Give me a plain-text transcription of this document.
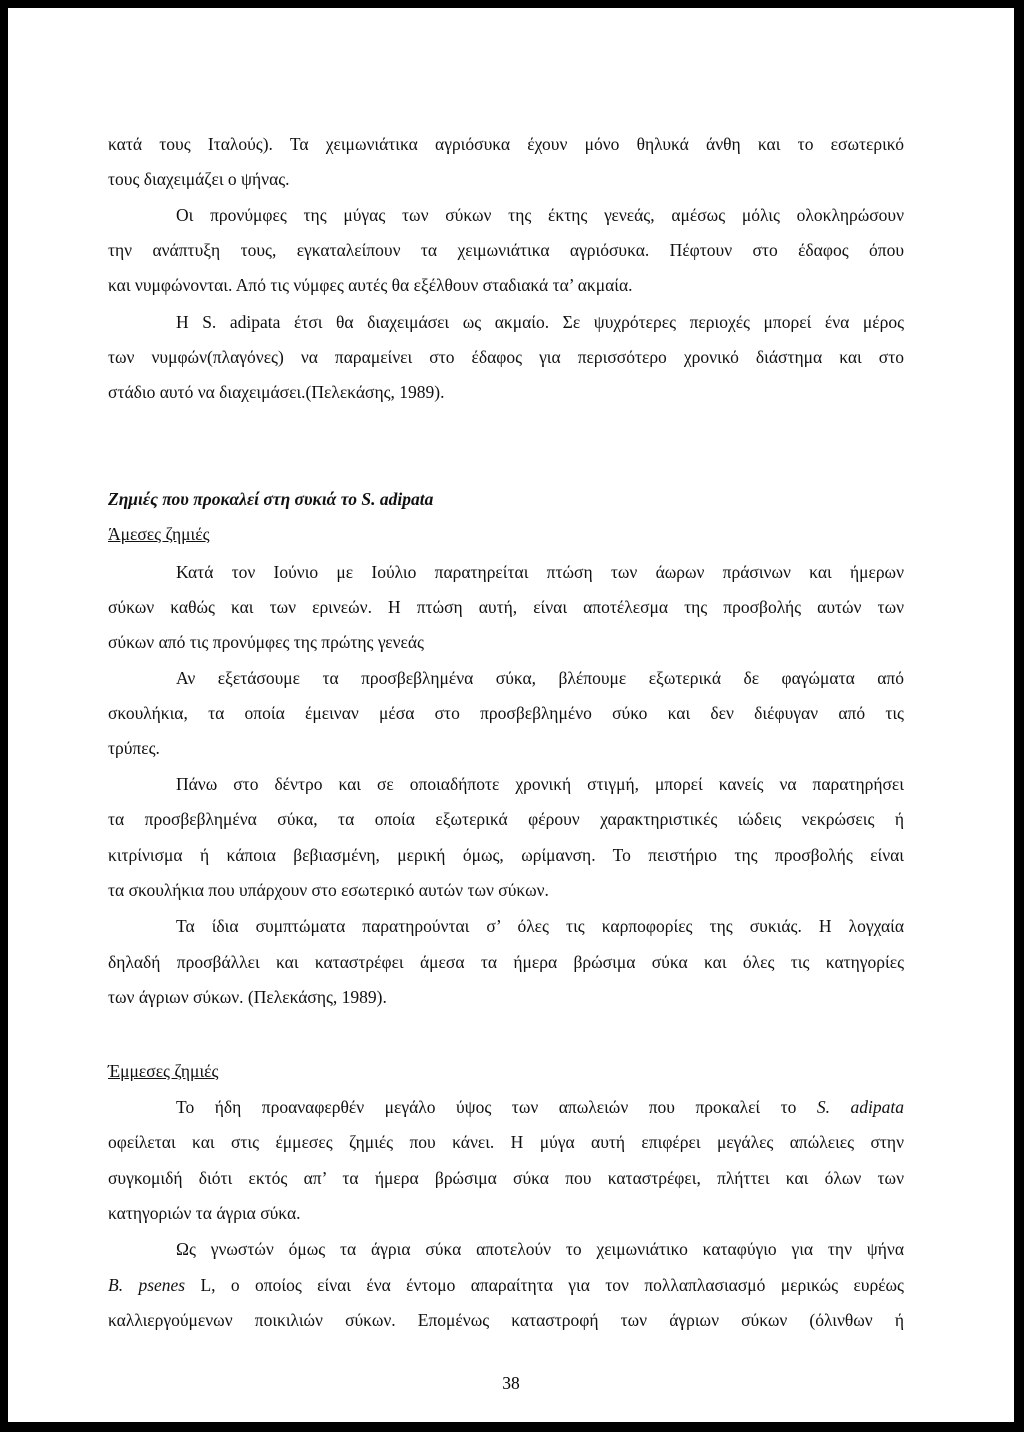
κατά τους Ιταλούς). Τα χειμωνιάτικα αγριόσυκα έχουν μόνο θηλυκά άνθη και το εσωτερικό
τους διαχειμάζει ο ψήνας.
Οι προνύμφες της μύγας των σύκων της έκτης γενεάς, αμέσως μόλις ολοκληρώσουν
την ανάπτυξη τους, εγκαταλείπουν τα χειμωνιάτικα αγριόσυκα. Πέφτουν στο έδαφος όπου
και νυμφώνονται. Από τις νύμφες αυτές θα εξέλθουν σταδιακά τα’ ακμαία.
Η S. adipata έτσι θα διαχειμάσει ως ακμαίο. Σε ψυχρότερες περιοχές μπορεί ένα μέρος
των νυμφών(πλαγόνες) να παραμείνει στο έδαφος για περισσότερο χρονικό διάστημα και στο
στάδιο αυτό να διαχειμάσει.(Πελεκάσης, 1989).
Ζημιές που προκαλεί στη συκιά το S. adipata
Άμεσες ζημιές
Κατά τον Ιούνιο με Ιούλιο παρατηρείται πτώση των άωρων πράσινων και ήμερων
σύκων καθώς και των ερινεών. Η πτώση αυτή, είναι αποτέλεσμα της προσβολής αυτών των
σύκων από τις προνύμφες της πρώτης γενεάς
Αν εξετάσουμε τα προσβεβλημένα σύκα, βλέπουμε εξωτερικά δε φαγώματα από
σκουλήκια, τα οποία έμειναν μέσα στο προσβεβλημένο σύκο και δεν διέφυγαν από τις
τρύπες.
Πάνω στο δέντρο και σε οποιαδήποτε χρονική στιγμή, μπορεί κανείς να παρατηρήσει
τα προσβεβλημένα σύκα, τα οποία εξωτερικά φέρουν χαρακτηριστικές ιώδεις νεκρώσεις ή
κιτρίνισμα ή κάποια βεβιασμένη, μερική όμως, ωρίμανση. Το πειστήριο της προσβολής είναι
τα σκουλήκια που υπάρχουν στο εσωτερικό αυτών των σύκων.
Τα ίδια συμπτώματα παρατηρούνται σ’ όλες τις καρποφορίες της συκιάς. Η λογχαία
δηλαδή προσβάλλει και καταστρέφει άμεσα τα ήμερα βρώσιμα σύκα και όλες τις κατηγορίες
των άγριων σύκων. (Πελεκάσης, 1989).
Έμμεσες ζημιές
Το ήδη προαναφερθέν μεγάλο ύψος των απωλειών που προκαλεί το S. adipata
οφείλεται και στις έμμεσες ζημιές που κάνει. Η μύγα αυτή επιφέρει μεγάλες απώλειες στην
συγκομιδή διότι εκτός απ’ τα ήμερα βρώσιμα σύκα που καταστρέφει, πλήττει και όλων των
κατηγοριών τα άγρια σύκα.
Ως γνωστών όμως τα άγρια σύκα αποτελούν το χειμωνιάτικο καταφύγιο για την ψήνα
B. psenes L, ο οποίος είναι ένα έντομο απαραίτητα για τον πολλαπλασιασμό μερικώς ευρέως
καλλιεργούμενων ποικιλιών σύκων. Επομένως καταστροφή των άγριων σύκων (όλινθων ή
38
